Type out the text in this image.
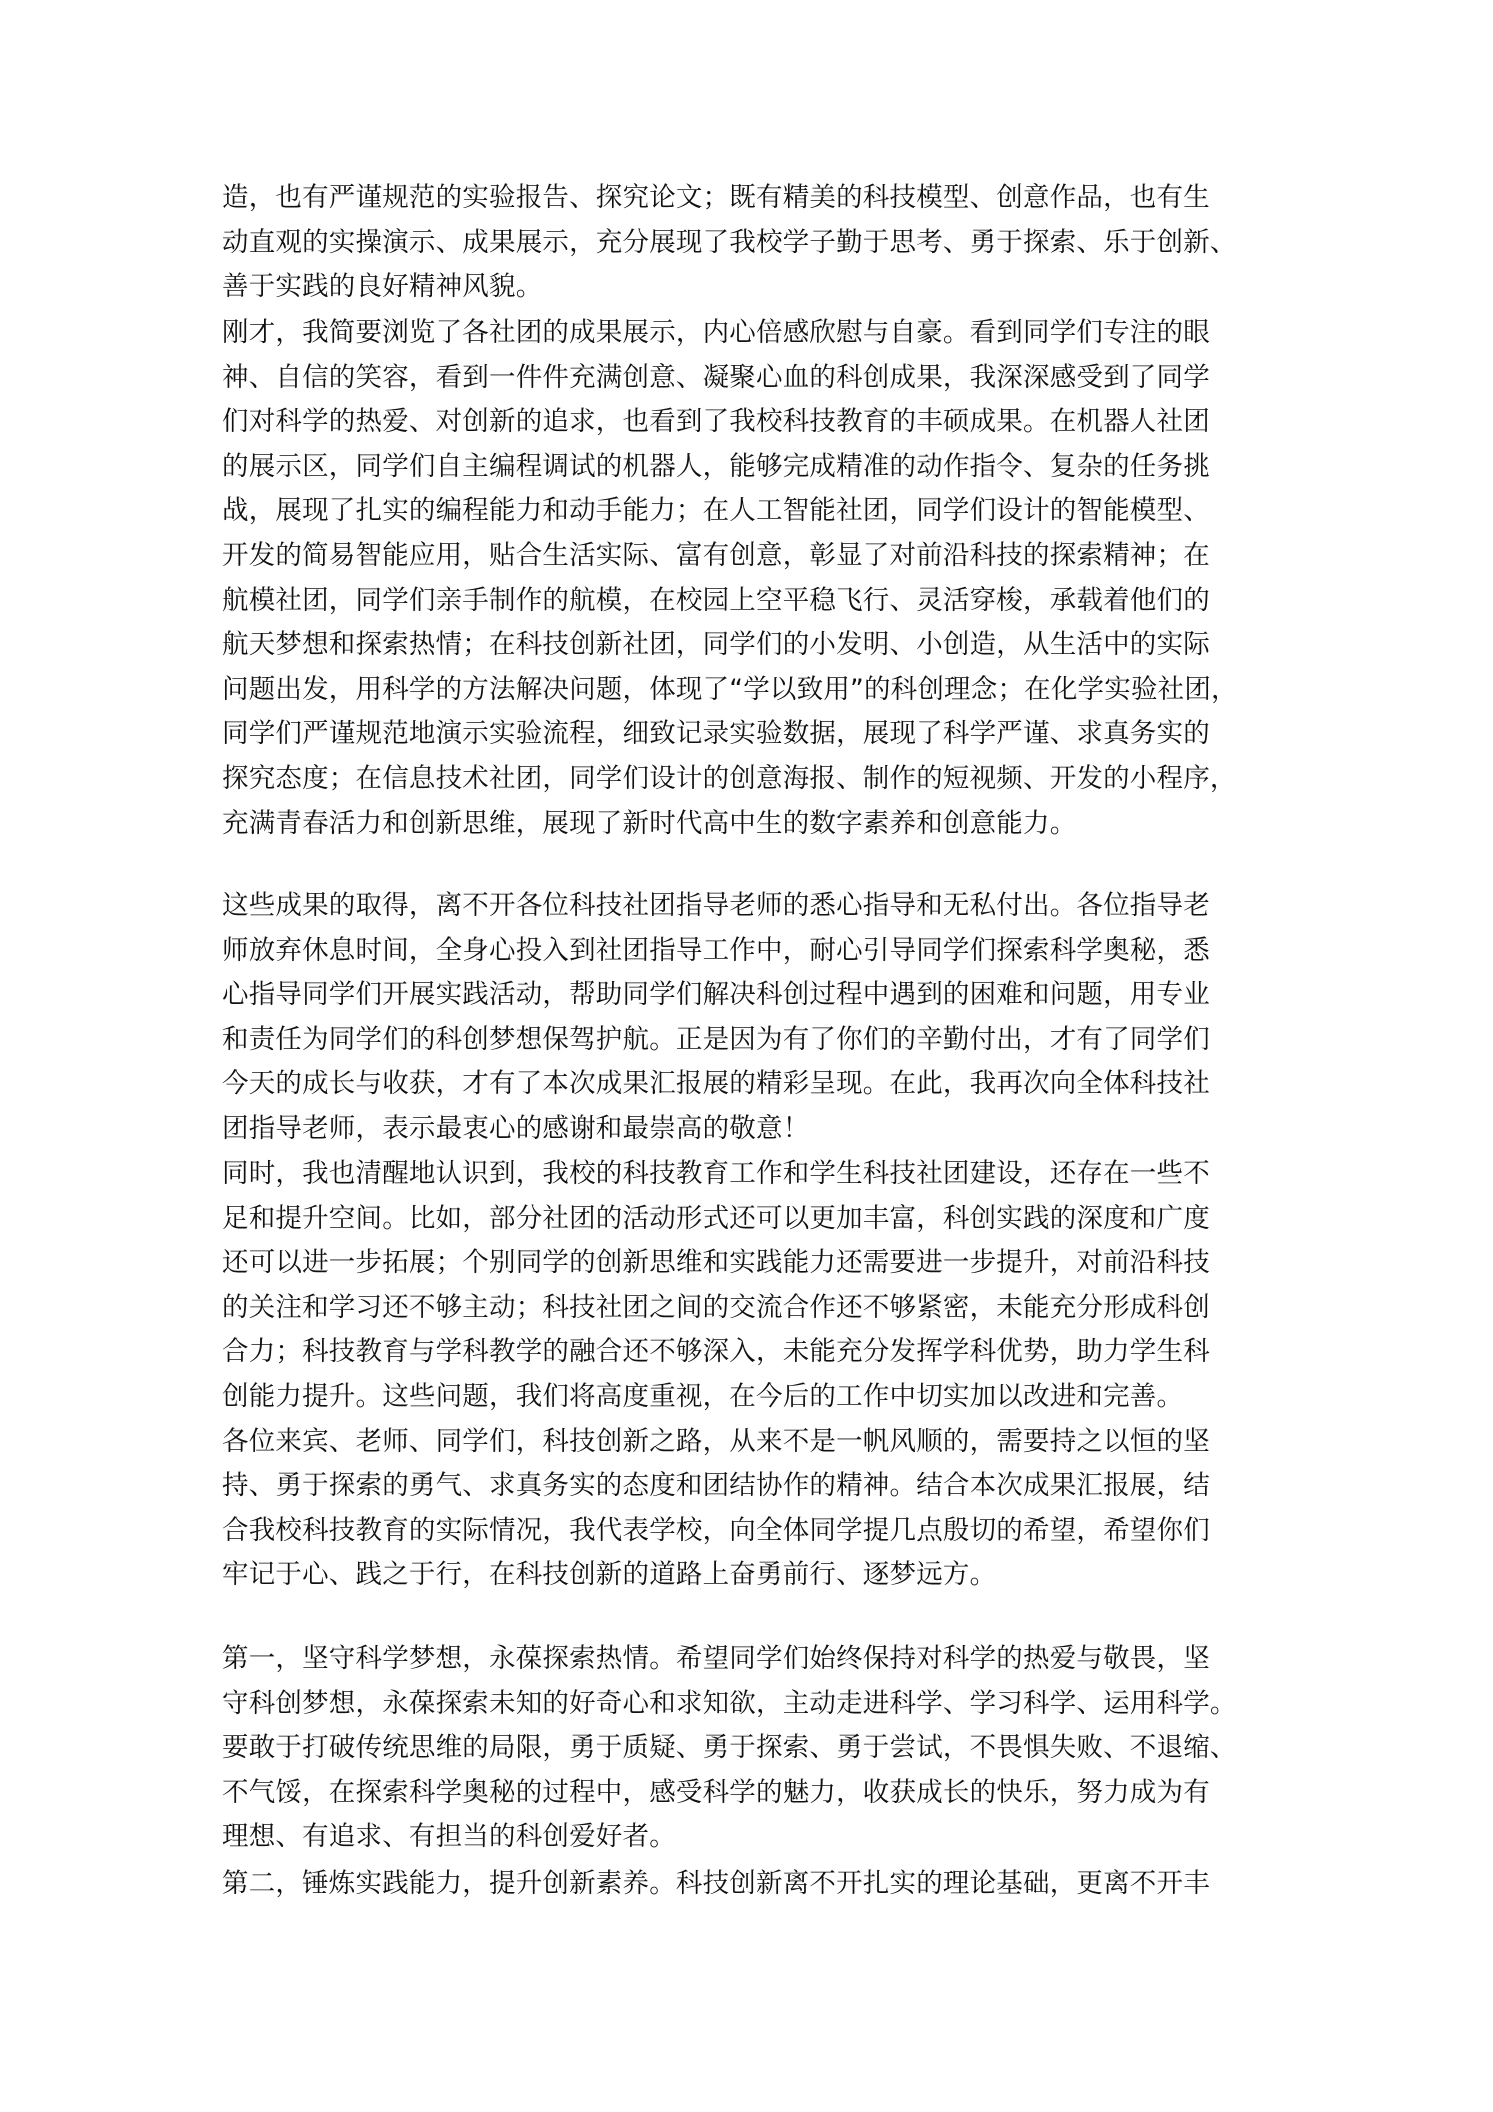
造，也有严谨规范的实验报告、探究论文；既有精美的科技模型、创意作品，也有生
动直观的实操演示、成果展示，充分展现了我校学子勤于思考、勇于探索、乐于创新、
善于实践的良好精神风貌。
刚才，我简要浏览了各社团的成果展示，内心倍感欣慰与自豪。看到同学们专注的眼
神、自信的笑容，看到一件件充满创意、凝聚心血的科创成果，我深深感受到了同学
们对科学的热爱、对创新的追求，也看到了我校科技教育的丰硕成果。在机器人社团
的展示区，同学们自主编程调试的机器人，能够完成精准的动作指令、复杂的任务挑
战，展现了扎实的编程能力和动手能力；在人工智能社团，同学们设计的智能模型、
开发的简易智能应用，贴合生活实际、富有创意，彰显了对前沿科技的探索精神；在
航模社团，同学们亲手制作的航模，在校园上空平稳飞行、灵活穿梭，承载着他们的
航天梦想和探索热情；在科技创新社团，同学们的小发明、小创造，从生活中的实际
问题出发，用科学的方法解决问题，体现了“学以致用”的科创理念；在化学实验社团，
同学们严谨规范地演示实验流程，细致记录实验数据，展现了科学严谨、求真务实的
探究态度；在信息技术社团，同学们设计的创意海报、制作的短视频、开发的小程序，
充满青春活力和创新思维，展现了新时代高中生的数字素养和创意能力。
这些成果的取得，离不开各位科技社团指导老师的悉心指导和无私付出。各位指导老
师放弃休息时间，全身心投入到社团指导工作中，耐心引导同学们探索科学奥秘，悉
心指导同学们开展实践活动，帮助同学们解决科创过程中遇到的困难和问题，用专业
和责任为同学们的科创梦想保驾护航。正是因为有了你们的辛勤付出，才有了同学们
今天的成长与收获，才有了本次成果汇报展的精彩呈现。在此，我再次向全体科技社
团指导老师，表示最衷心的感谢和最崇高的敬意！
同时，我也清醒地认识到，我校的科技教育工作和学生科技社团建设，还存在一些不
足和提升空间。比如，部分社团的活动形式还可以更加丰富，科创实践的深度和广度
还可以进一步拓展；个别同学的创新思维和实践能力还需要进一步提升，对前沿科技
的关注和学习还不够主动；科技社团之间的交流合作还不够紧密，未能充分形成科创
合力；科技教育与学科教学的融合还不够深入，未能充分发挥学科优势，助力学生科
创能力提升。这些问题，我们将高度重视，在今后的工作中切实加以改进和完善。
各位来宾、老师、同学们，科技创新之路，从来不是一帆风顺的，需要持之以恒的坚
持、勇于探索的勇气、求真务实的态度和团结协作的精神。结合本次成果汇报展，结
合我校科技教育的实际情况，我代表学校，向全体同学提几点殷切的希望，希望你们
牢记于心、践之于行，在科技创新的道路上奋勇前行、逐梦远方。
第一，坚守科学梦想，永葆探索热情。希望同学们始终保持对科学的热爱与敬畏，坚
守科创梦想，永葆探索未知的好奇心和求知欲，主动走进科学、学习科学、运用科学。
要敢于打破传统思维的局限，勇于质疑、勇于探索、勇于尝试，不畏惧失败、不退缩、
不气馁，在探索科学奥秘的过程中，感受科学的魅力，收获成长的快乐，努力成为有
理想、有追求、有担当的科创爱好者。
第二，锤炼实践能力，提升创新素养。科技创新离不开扎实的理论基础，更离不开丰
